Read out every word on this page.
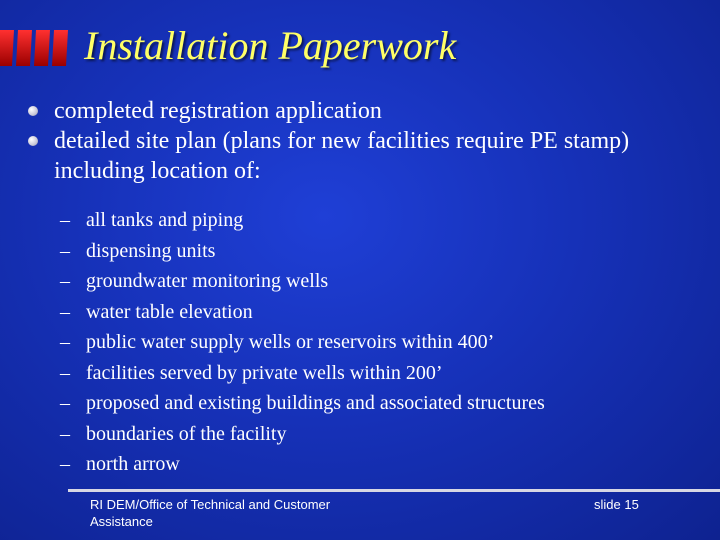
Installation Paperwork
completed registration application
detailed site plan (plans for new facilities require PE stamp) including location of:
– all tanks and piping
– dispensing units
– groundwater monitoring wells
– water table elevation
– public water supply wells or reservoirs within 400’
– facilities served by private wells within 200’
– proposed and existing buildings and associated structures
– boundaries of the facility
– north arrow
RI DEM/Office of Technical and Customer Assistance
slide 15
